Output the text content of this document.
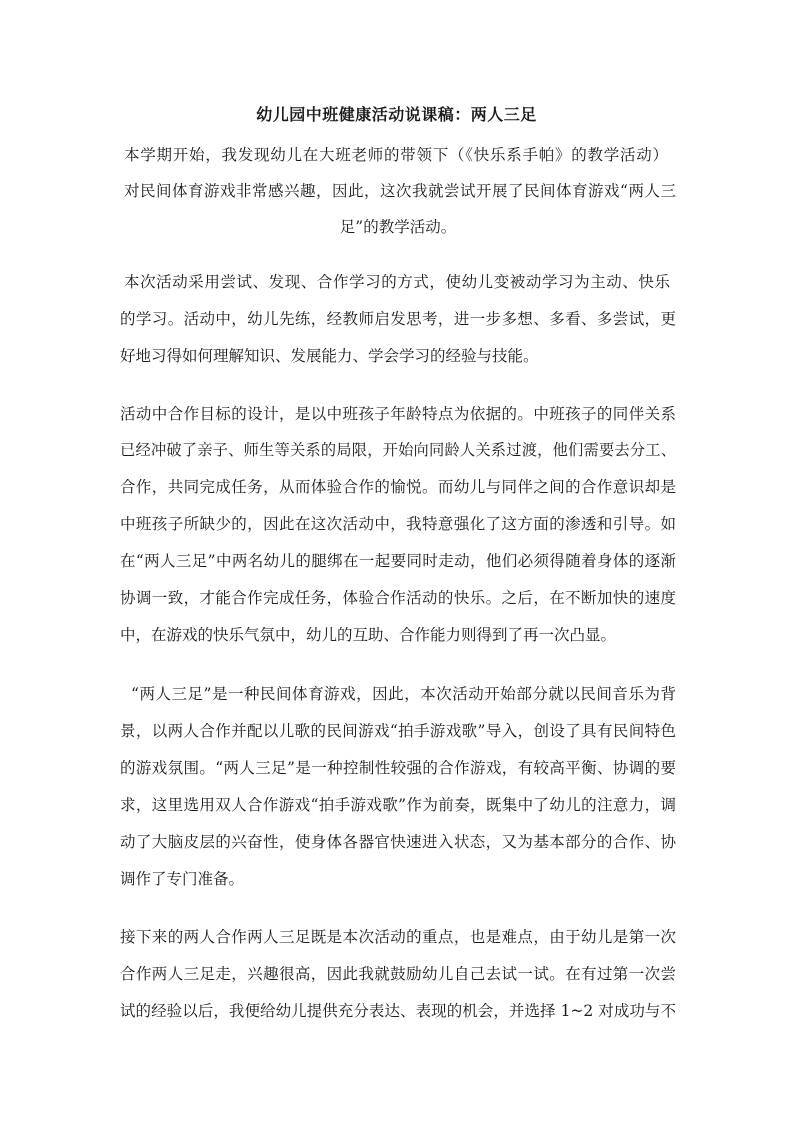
幼儿园中班健康活动说课稿：两人三足
本学期开始，我发现幼儿在大班老师的带领下（《快乐系手帕》的教学活动）
对民间体育游戏非常感兴趣，因此，这次我就尝试开展了民间体育游戏“两人三
足”的教学活动。
本次活动采用尝试、发现、合作学习的方式，使幼儿变被动学习为主动、快乐
的学习。活动中，幼儿先练，经教师启发思考，进一步多想、多看、多尝试，更
好地习得如何理解知识、发展能力、学会学习的经验与技能。
活动中合作目标的设计，是以中班孩子年龄特点为依据的。中班孩子的同伴关系
已经冲破了亲子、师生等关系的局限，开始向同龄人关系过渡，他们需要去分工、
合作，共同完成任务，从而体验合作的愉悦。而幼儿与同伴之间的合作意识却是
中班孩子所缺少的，因此在这次活动中，我特意强化了这方面的渗透和引导。如
在“两人三足”中两名幼儿的腿绑在一起要同时走动，他们必须得随着身体的逐渐
协调一致，才能合作完成任务，体验合作活动的快乐。之后，在不断加快的速度
中，在游戏的快乐气氛中，幼儿的互助、合作能力则得到了再一次凸显。
“两人三足”是一种民间体育游戏，因此，本次活动开始部分就以民间音乐为背
景，以两人合作并配以儿歌的民间游戏“拍手游戏歌”导入，创设了具有民间特色
的游戏氛围。“两人三足”是一种控制性较强的合作游戏，有较高平衡、协调的要
求，这里选用双人合作游戏“拍手游戏歌”作为前奏，既集中了幼儿的注意力，调
动了大脑皮层的兴奋性，使身体各器官快速进入状态，又为基本部分的合作、协
调作了专门准备。
接下来的两人合作两人三足既是本次活动的重点，也是难点，由于幼儿是第一次
合作两人三足走，兴趣很高，因此我就鼓励幼儿自己去试一试。在有过第一次尝
试的经验以后，我便给幼儿提供充分表达、表现的机会，并选择 1~2 对成功与不
